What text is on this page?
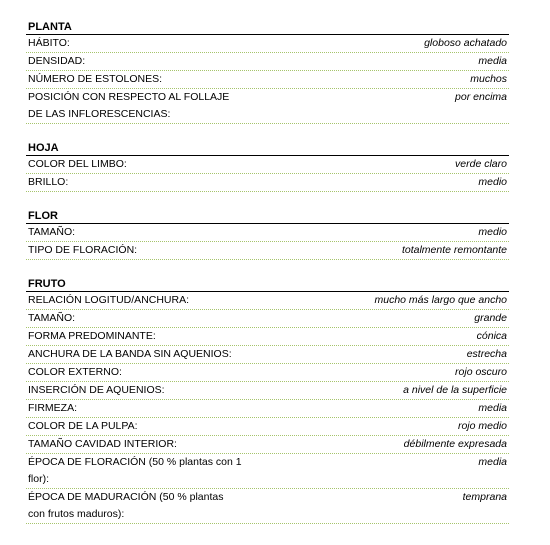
PLANTA
HÁBITO:	globoso achatado
DENSIDAD:	media
NÚMERO DE ESTOLONES:	muchos
POSICIÓN CON RESPECTO AL FOLLAJE DE LAS INFLORESCENCIAS:
por encima
HOJA
COLOR DEL LIMBO:	verde claro
BRILLO:	medio
FLOR
TAMAÑO:	medio
TIPO DE FLORACIÓN:	totalmente remontante
FRUTO
RELACIÓN LOGITUD/ANCHURA:	mucho más largo que ancho
TAMAÑO:	grande
FORMA PREDOMINANTE:	cónica
ANCHURA DE LA BANDA SIN AQUENIOS:	estrecha
COLOR EXTERNO:	rojo oscuro
INSERCIÓN DE AQUENIOS:	a nivel de la superficie
FIRMEZA:	media
COLOR DE LA PULPA:	rojo medio
TAMAÑO CAVIDAD INTERIOR:	débilmente expresada
ÉPOCA DE FLORACIÓN (50 % plantas con 1 flor):
media
ÉPOCA DE MADURACIÓN (50 % plantas con frutos maduros):
temprana
